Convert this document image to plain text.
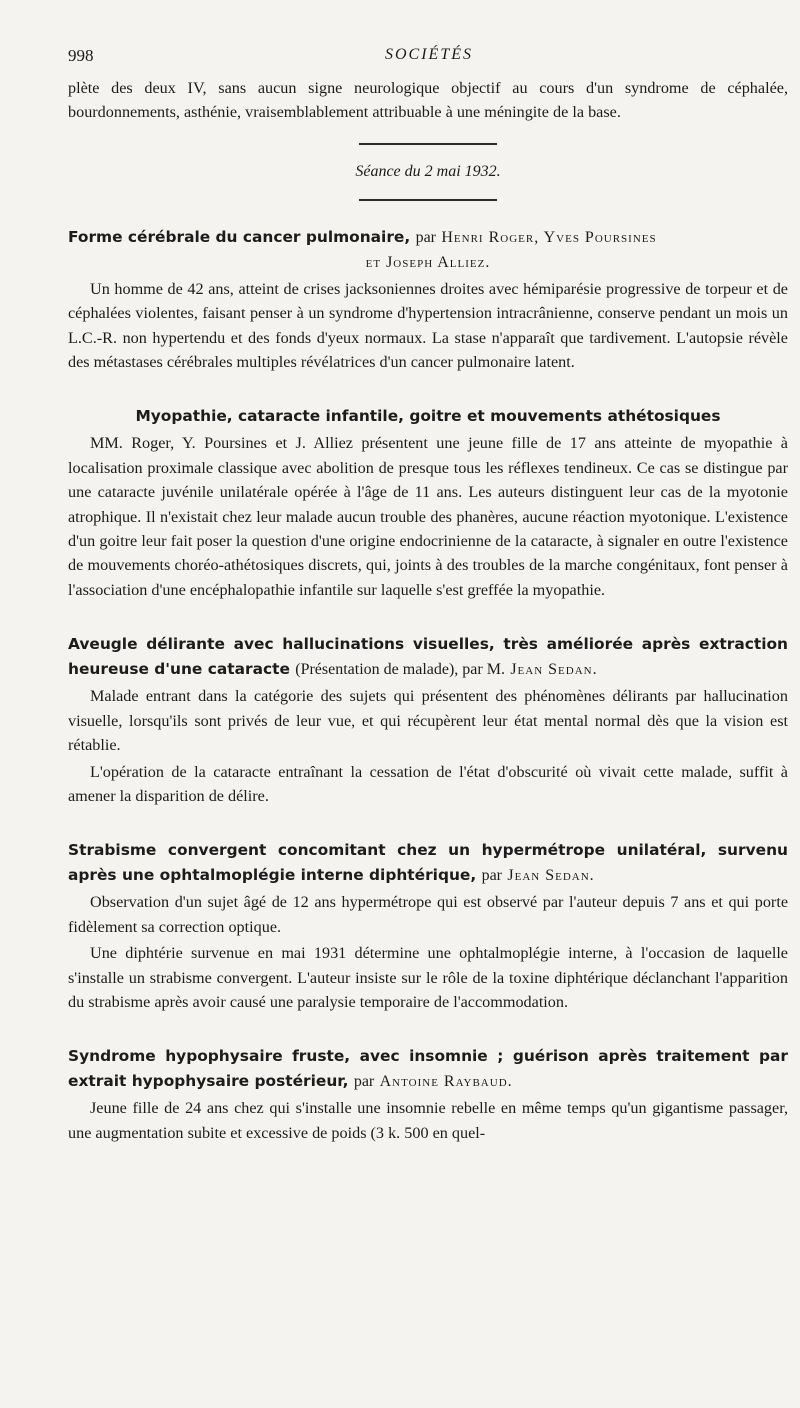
998	SOCIÉTÉS

plète des deux IV, sans aucun signe neurologique objectif au cours d'un syndrome de céphalée, bourdonnements, asthénie, vraisemblablement attribuable à une méningite de la base.

Séance du 2 mai 1932.
Forme cérébrale du cancer pulmonaire, par Henri Roger, Yves Poursines
et Joseph Alliez.

Un homme de 42 ans, atteint de crises jacksoniennes droites avec hémiparésie progressive de torpeur et de céphalées violentes, faisant penser à un syndrome d'hypertension intracrânienne, conserve pendant un mois un L.C.-R. non hypertendu et des fonds d'yeux normaux. La stase n'apparaît que tardivement. L'autopsie révèle des métastases cérébrales multiples révélatrices d'un cancer pulmonaire latent.

Myopathie, cataracte infantile, goitre et mouvements athétosiques

MM. Roger, Y. Poursines et J. Alliez présentent une jeune fille de 17 ans atteinte de myopathie à localisation proximale classique avec abolition de presque tous les réflexes tendineux. Ce cas se distingue par une cataracte juvénile unilatérale opérée à l'âge de 11 ans. Les auteurs distinguent leur cas de la myotonie atrophique. Il n'existait chez leur malade aucun trouble des phanères, aucune réaction myotonique. L'existence d'un goitre leur fait poser la question d'une origine endocrinienne de la cataracte, à signaler en outre l'existence de mouvements choréo-athétosiques discrets, qui, joints à des troubles de la marche congénitaux, font penser à l'association d'une encéphalopathie infantile sur laquelle s'est greffée la myopathie.

Aveugle délirante avec hallucinations visuelles, très améliorée après extraction heureuse d'une cataracte (Présentation de malade), par M. Jean Sedan.

Malade entrant dans la catégorie des sujets qui présentent des phénomènes délirants par hallucination visuelle, lorsqu'ils sont privés de leur vue, et qui récupèrent leur état mental normal dès que la vision est rétablie.

L'opération de la cataracte entraînant la cessation de l'état d'obscurité où vivait cette malade, suffit à amener la disparition de délire.

Strabisme convergent concomitant chez un hypermétrope unilatéral, survenu après une ophtalmoplégie interne diphtérique, par Jean Sedan.

Observation d'un sujet âgé de 12 ans hypermétrope qui est observé par l'auteur depuis 7 ans et qui porte fidèlement sa correction optique.

Une diphtérie survenue en mai 1931 détermine une ophtalmoplégie interne, à l'occasion de laquelle s'installe un strabisme convergent. L'auteur insiste sur le rôle de la toxine diphtérique déclanchant l'apparition du strabisme après avoir causé une paralysie temporaire de l'accommodation.

Syndrome hypophysaire fruste, avec insomnie ; guérison après traitement par extrait hypophysaire postérieur, par Antoine Raybaud.

Jeune fille de 24 ans chez qui s'installe une insomnie rebelle en même temps qu'un gigantisme passager, une augmentation subite et excessive de poids (3 k. 500 en quel-
